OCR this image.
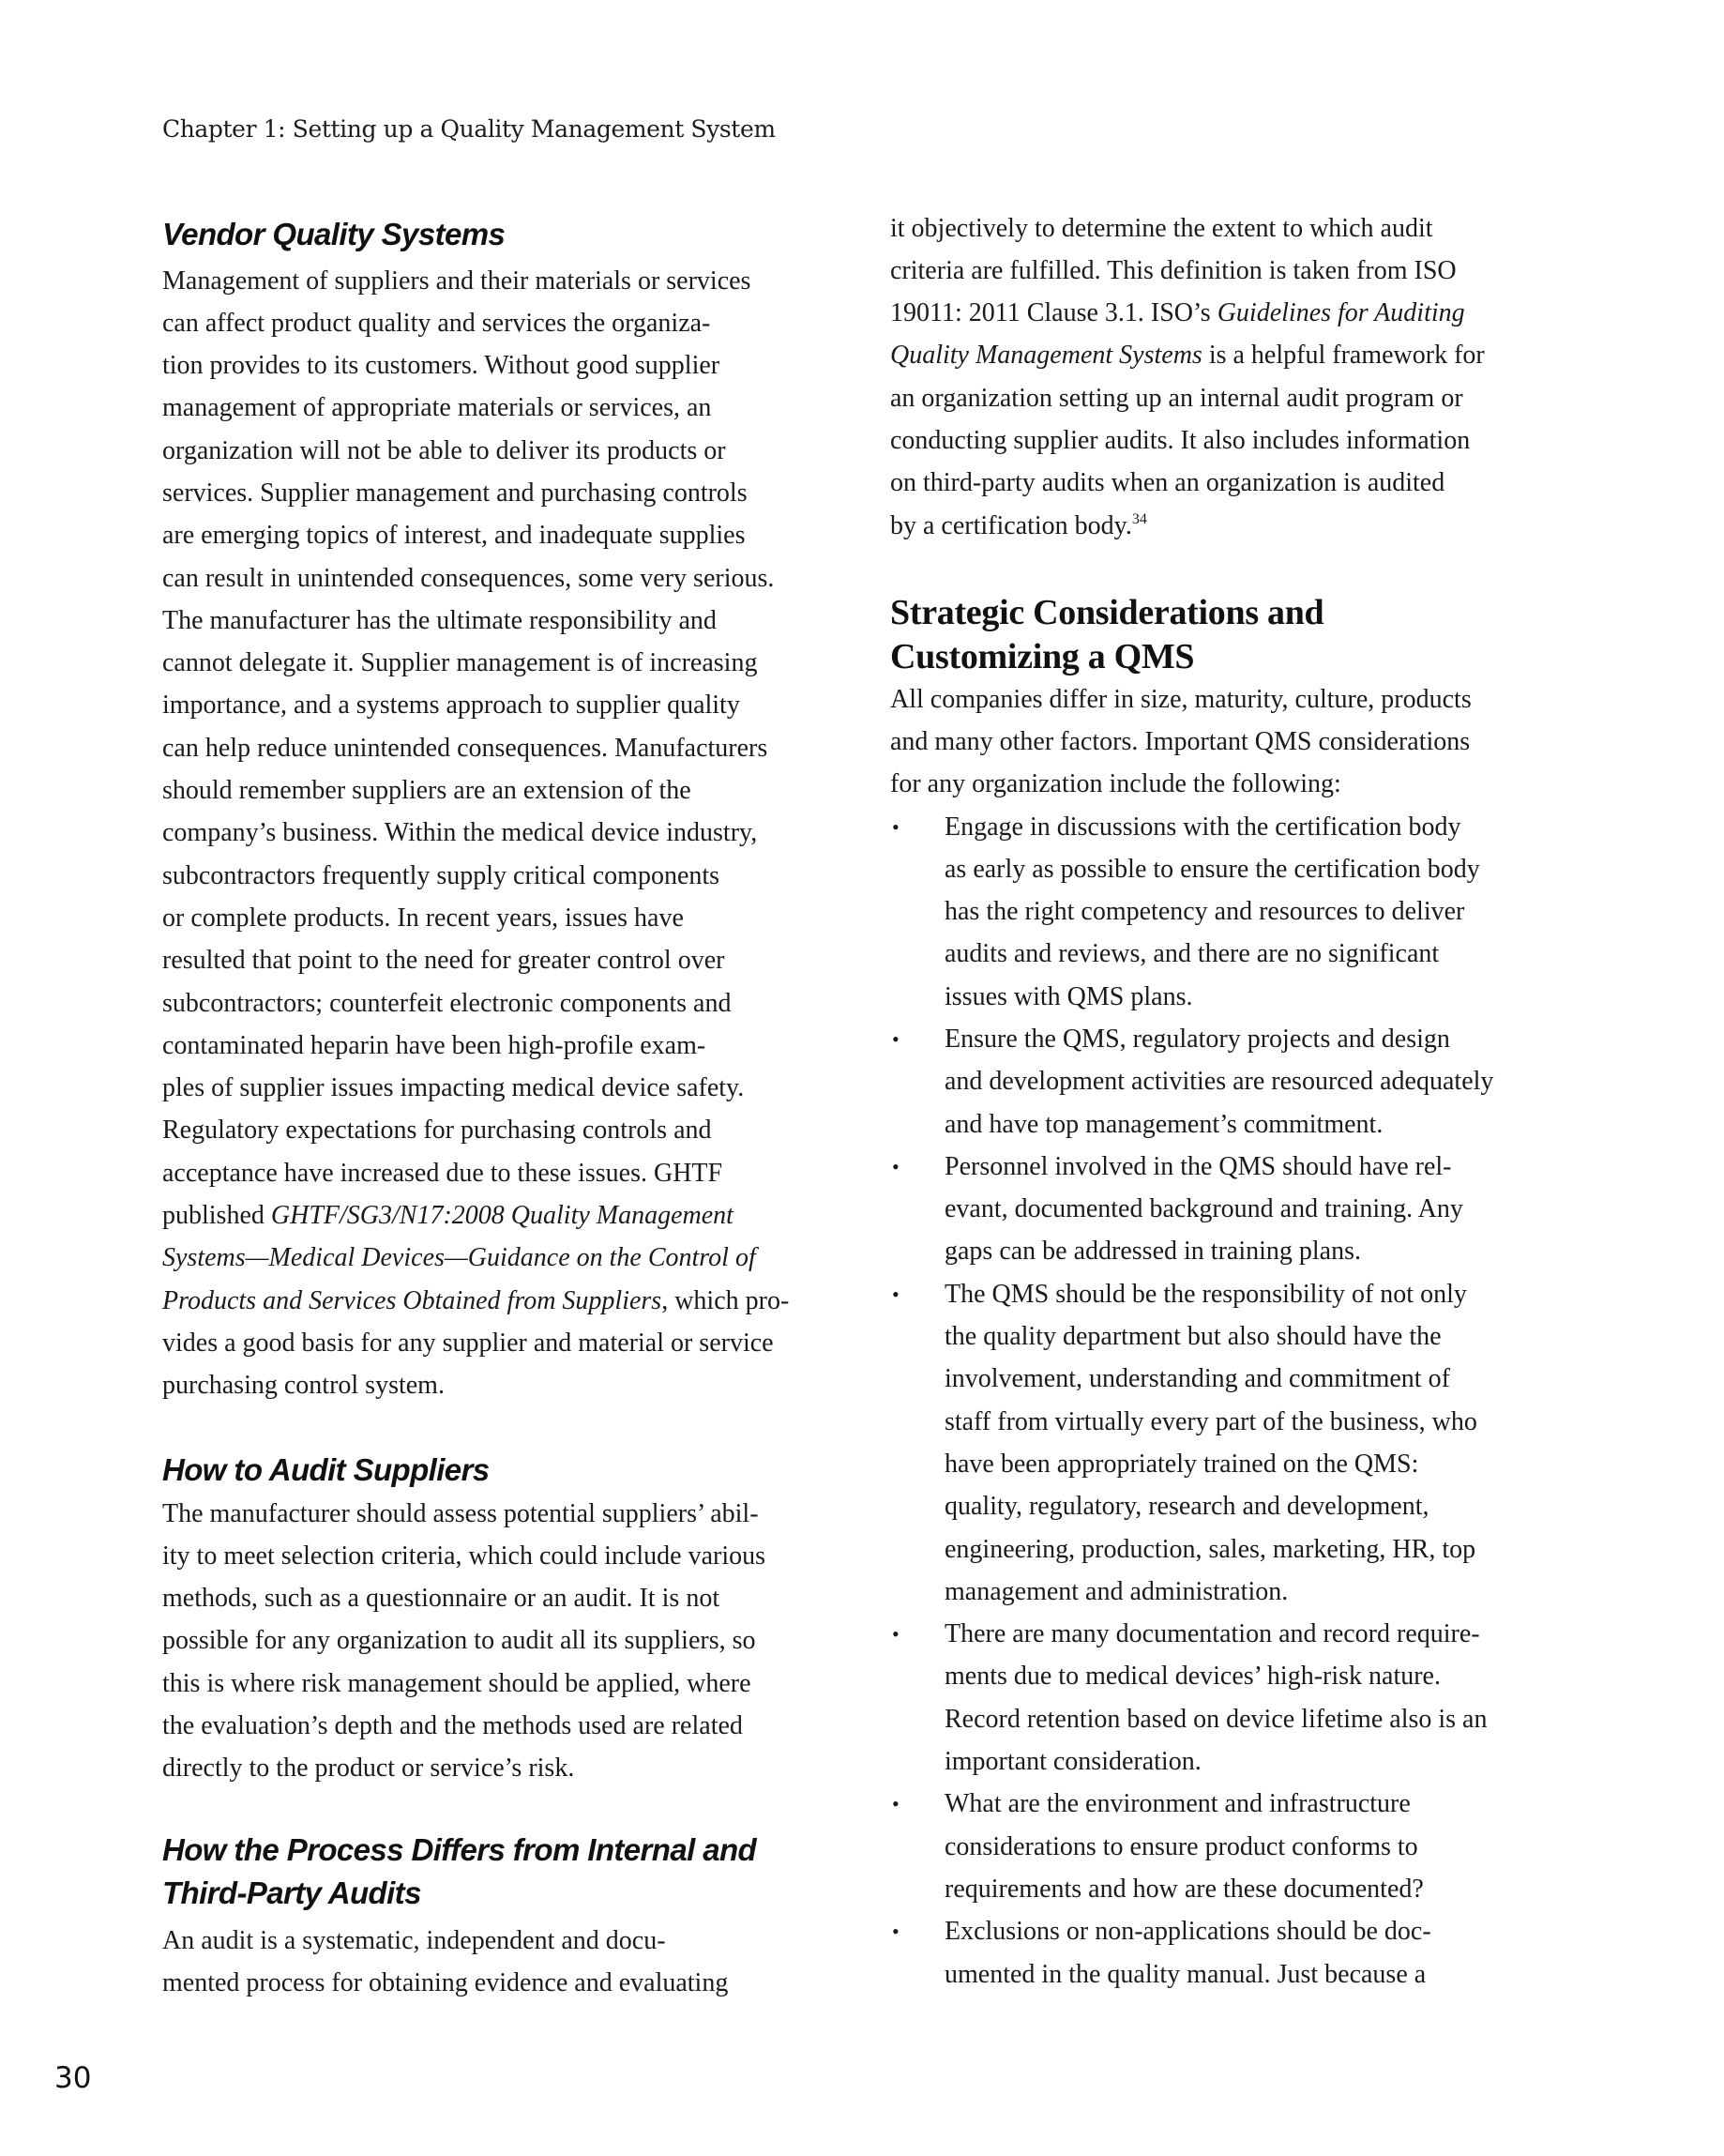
Chapter 1: Setting up a Quality Management System
Vendor Quality Systems
Management of suppliers and their materials or services
can affect product quality and services the organiza-
tion provides to its customers. Without good supplier
management of appropriate materials or services, an
organization will not be able to deliver its products or
services. Supplier management and purchasing controls
are emerging topics of interest, and inadequate supplies
can result in unintended consequences, some very serious.
The manufacturer has the ultimate responsibility and
cannot delegate it. Supplier management is of increasing
importance, and a systems approach to supplier quality
can help reduce unintended consequences. Manufacturers
should remember suppliers are an extension of the
company’s business. Within the medical device industry,
subcontractors frequently supply critical components
or complete products. In recent years, issues have
resulted that point to the need for greater control over
subcontractors; counterfeit electronic components and
contaminated heparin have been high-profile exam-
ples of supplier issues impacting medical device safety.
Regulatory expectations for purchasing controls and
acceptance have increased due to these issues. GHTF
published GHTF/SG3/N17:2008 Quality Management
Systems—Medical Devices—Guidance on the Control of
Products and Services Obtained from Suppliers, which pro-
vides a good basis for any supplier and material or service
purchasing control system.
How to Audit Suppliers
The manufacturer should assess potential suppliers’ abil-
ity to meet selection criteria, which could include various
methods, such as a questionnaire or an audit. It is not
possible for any organization to audit all its suppliers, so
this is where risk management should be applied, where
the evaluation’s depth and the methods used are related
directly to the product or service’s risk.
How the Process Differs from Internal and
Third-Party Audits
An audit is a systematic, independent and docu-
mented process for obtaining evidence and evaluating
it objectively to determine the extent to which audit
criteria are fulfilled. This definition is taken from ISO
19011: 2011 Clause 3.1. ISO’s Guidelines for Auditing
Quality Management Systems is a helpful framework for
an organization setting up an internal audit program or
conducting supplier audits. It also includes information
on third-party audits when an organization is audited
by a certification body.$^{34}$
Strategic Considerations and
Customizing a QMS
All companies differ in size, maturity, culture, products
and many other factors. Important QMS considerations
for any organization include the following:
•	Engage in discussions with the certification body
as early as possible to ensure the certification body
has the right competency and resources to deliver
audits and reviews, and there are no significant
issues with QMS plans.
•	Ensure the QMS, regulatory projects and design
and development activities are resourced adequately
and have top management’s commitment.
•	Personnel involved in the QMS should have rel-
evant, documented background and training. Any
gaps can be addressed in training plans.
•	The QMS should be the responsibility of not only
the quality department but also should have the
involvement, understanding and commitment of
staff from virtually every part of the business, who
have been appropriately trained on the QMS:
quality, regulatory, research and development,
engineering, production, sales, marketing, HR, top
management and administration.
•	There are many documentation and record require-
ments due to medical devices’ high-risk nature.
Record retention based on device lifetime also is an
important consideration.
•	What are the environment and infrastructure
considerations to ensure product conforms to
requirements and how are these documented?
•	Exclusions or non-applications should be doc-
umented in the quality manual. Just because a
30
